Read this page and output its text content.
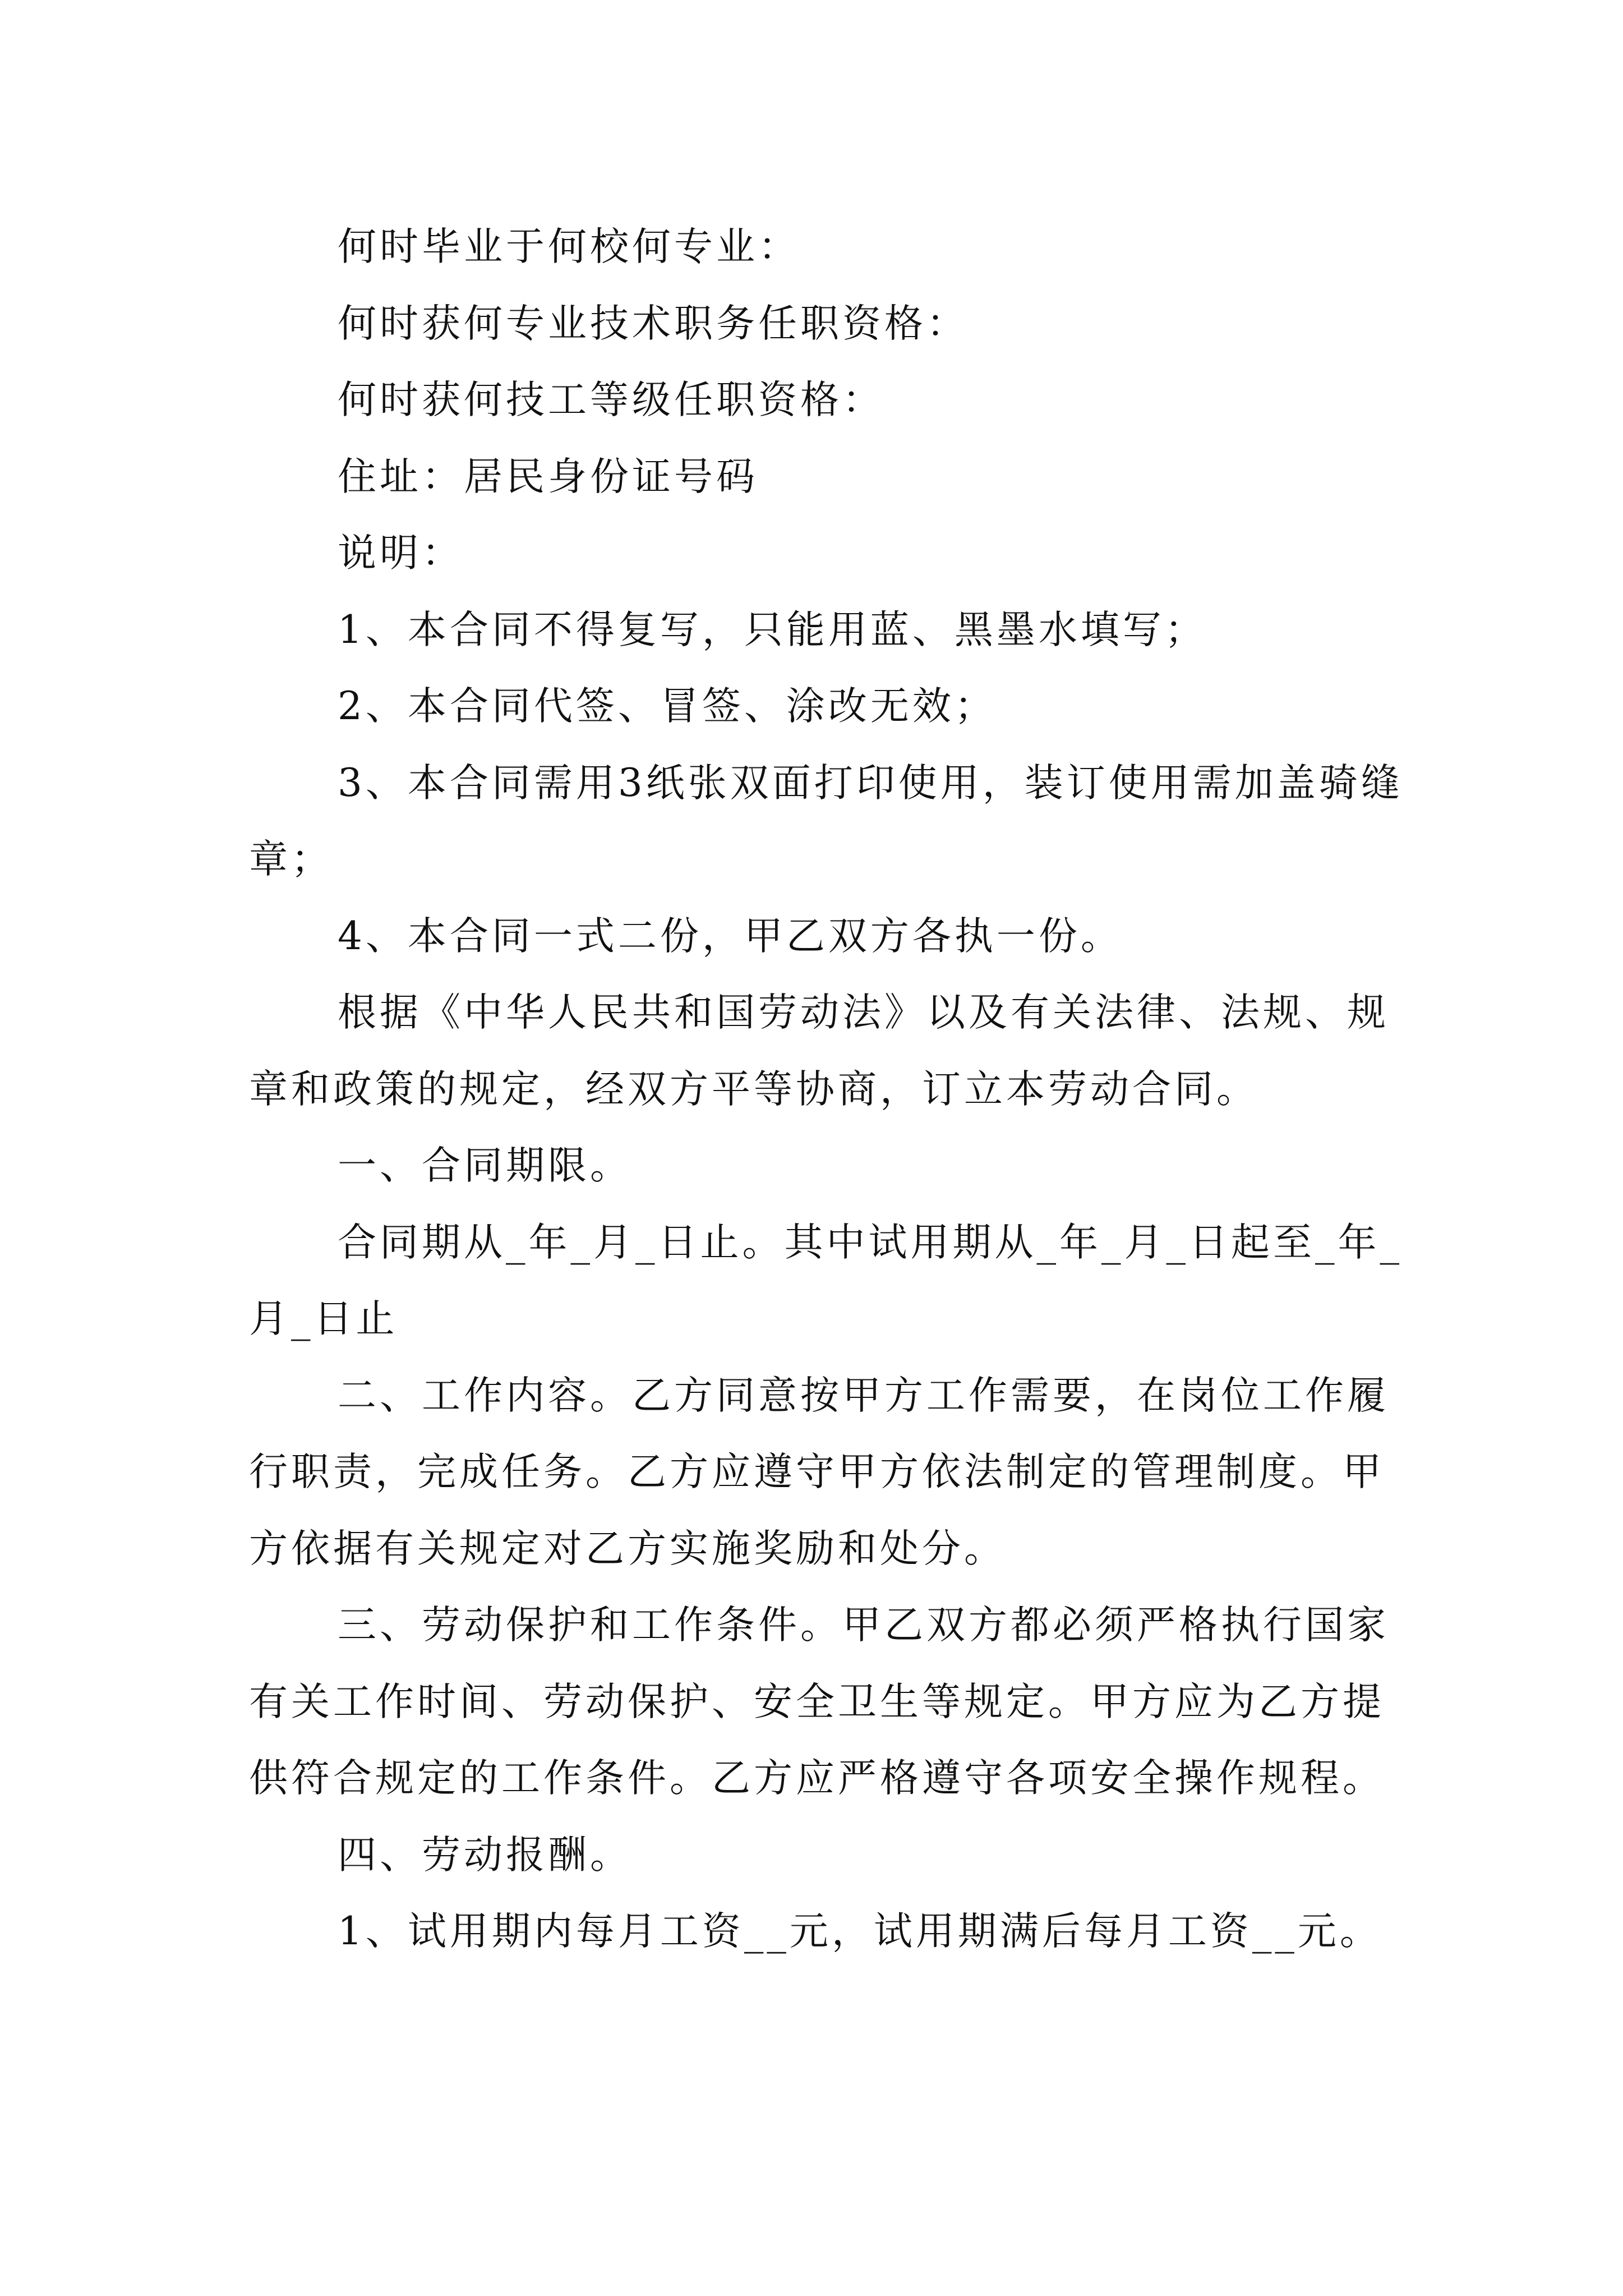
何时毕业于何校何专业：

何时获何专业技术职务任职资格：

何时获何技工等级任职资格：

住址：居民身份证号码

说明：

1、本合同不得复写，只能用蓝、黑墨水填写；

2、本合同代签、冒签、涂改无效；

3、本合同需用3纸张双面打印使用，装订使用需加盖骑缝章；

4、本合同一式二份，甲乙双方各执一份。

根据《中华人民共和国劳动法》以及有关法律、法规、规章和政策的规定，经双方平等协商，订立本劳动合同。

一、合同期限。

合同期从_年_月_日止。其中试用期从_年_月_日起至_年_月_日止

二、工作内容。乙方同意按甲方工作需要，在岗位工作履行职责，完成任务。乙方应遵守甲方依法制定的管理制度。甲方依据有关规定对乙方实施奖励和处分。

三、劳动保护和工作条件。甲乙双方都必须严格执行国家有关工作时间、劳动保护、安全卫生等规定。甲方应为乙方提供符合规定的工作条件。乙方应严格遵守各项安全操作规程。

四、劳动报酬。

1、试用期内每月工资__元，试用期满后每月工资__元。
